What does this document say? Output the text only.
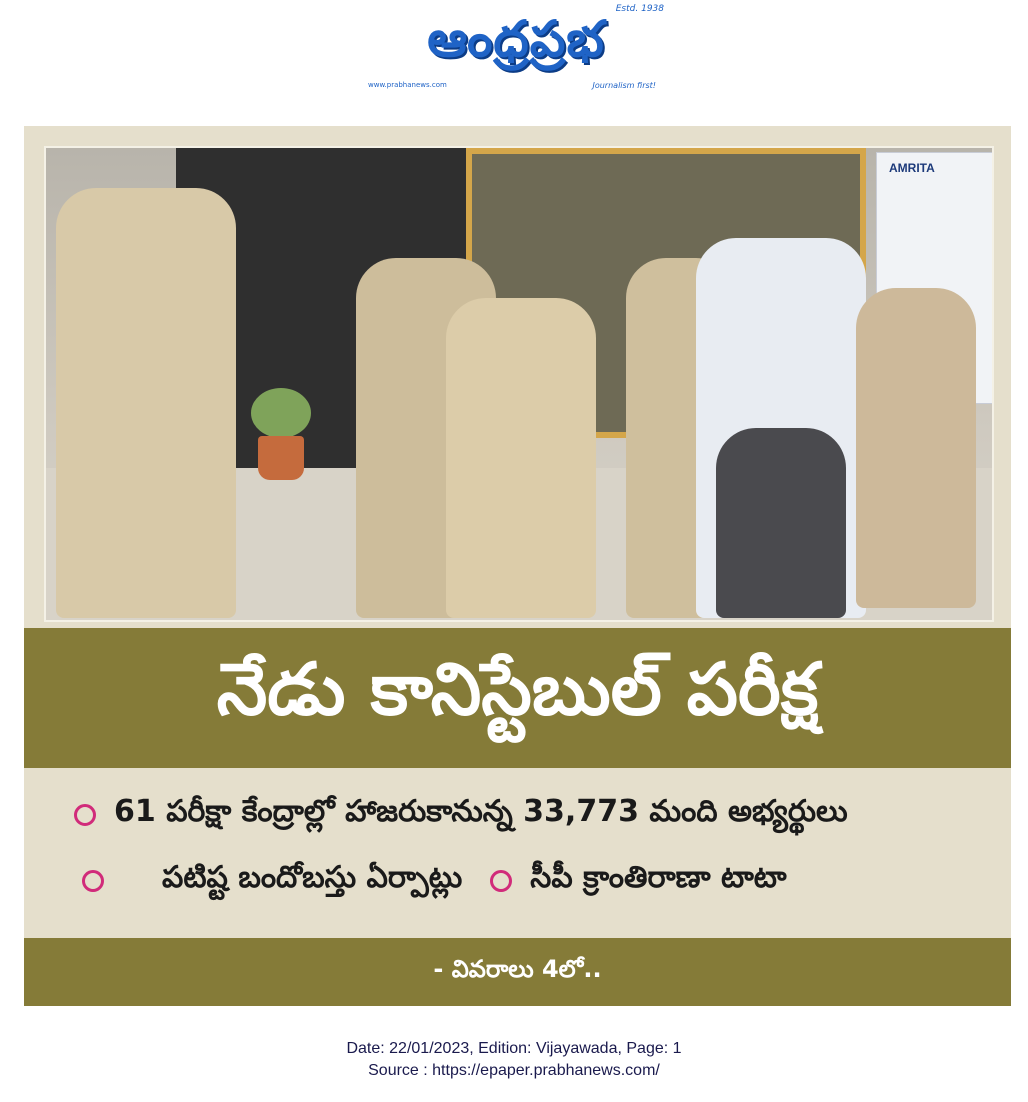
Estd. 1938
ఆంధ్రప్రభ
www.prabhanews.com	Journalism first!
AMRITA
నేడు కానిస్టేబుల్ పరీక్ష
61 పరీక్షా కేంద్రాల్లో హాజరుకానున్న 33,773 మంది అభ్యర్థులు
పటిష్ట బందోబస్తు ఏర్పాట్లు సీపీ క్రాంతిరాణా టాటా
- వివరాలు 4లో..
Date: 22/01/2023, Edition: Vijayawada, Page: 1
Source : https://epaper.prabhanews.com/
